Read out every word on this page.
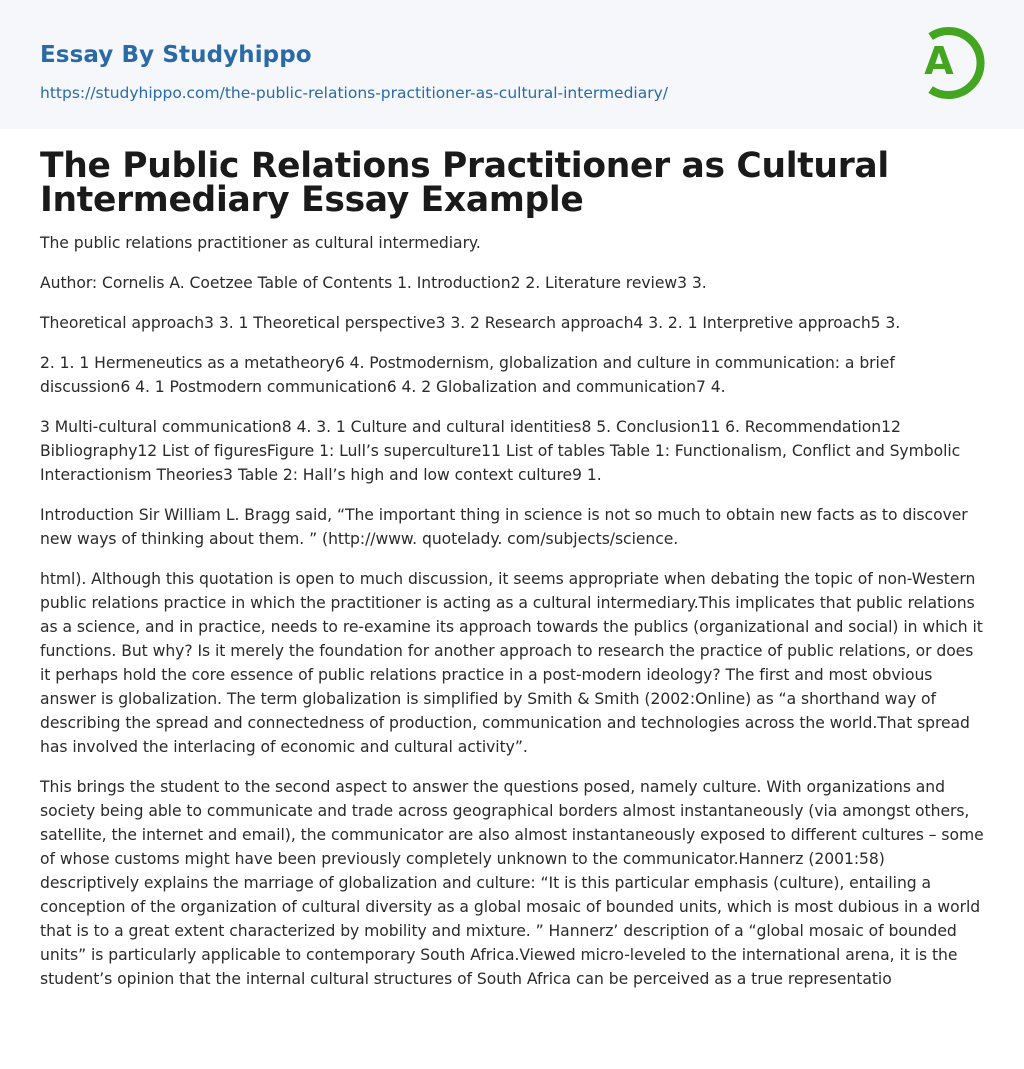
Essay By Studyhippo
https://studyhippo.com/the-public-relations-practitioner-as-cultural-intermediary/
A
The Public Relations Practitioner as Cultural Intermediary Essay Example

The public relations practitioner as cultural intermediary.

Author: Cornelis A. Coetzee Table of Contents 1. Introduction2 2. Literature review3 3.

Theoretical approach3 3. 1 Theoretical perspective3 3. 2 Research approach4 3. 2. 1 Interpretive approach5 3.

2. 1. 1 Hermeneutics as a metatheory6 4. Postmodernism, globalization and culture in communication: a brief discussion6 4. 1 Postmodern communication6 4. 2 Globalization and communication7 4.

3 Multi-cultural communication8 4. 3. 1 Culture and cultural identities8 5. Conclusion11 6. Recommendation12 Bibliography12 List of figuresFigure 1: Lull’s superculture11 List of tables Table 1: Functionalism, Conflict and Symbolic Interactionism Theories3 Table 2: Hall’s high and low context culture9 1.

Introduction Sir William L. Bragg said, “The important thing in science is not so much to obtain new facts as to discover new ways of thinking about them. ” (http://www. quotelady. com/subjects/science.

html). Although this quotation is open to much discussion, it seems appropriate when debating the topic of non-Western public relations practice in which the practitioner is acting as a cultural intermediary.This implicates that public relations as a science, and in practice, needs to re-examine its approach towards the publics (organizational and social) in which it functions. But why? Is it merely the foundation for another approach to research the practice of public relations, or does it perhaps hold the core essence of public relations practice in a post-modern ideology? The first and most obvious answer is globalization. The term globalization is simplified by Smith & Smith (2002:Online) as “a shorthand way of describing the spread and connectedness of production, communication and technologies across the world.That spread has involved the interlacing of economic and cultural activity”.

This brings the student to the second aspect to answer the questions posed, namely culture. With organizations and society being able to communicate and trade across geographical borders almost instantaneously (via amongst others, satellite, the internet and email), the communicator are also almost instantaneously exposed to different cultures – some of whose customs might have been previously completely unknown to the communicator.Hannerz (2001:58) descriptively explains the marriage of globalization and culture: “It is this particular emphasis (culture), entailing a conception of the organization of cultural diversity as a global mosaic of bounded units, which is most dubious in a world that is to a great extent characterized by mobility and mixture. ” Hannerz’ description of a “global mosaic of bounded units” is particularly applicable to contemporary South Africa.Viewed micro-leveled to the international arena, it is the student’s opinion that the internal cultural structures of South Africa can be perceived as a true representatio
